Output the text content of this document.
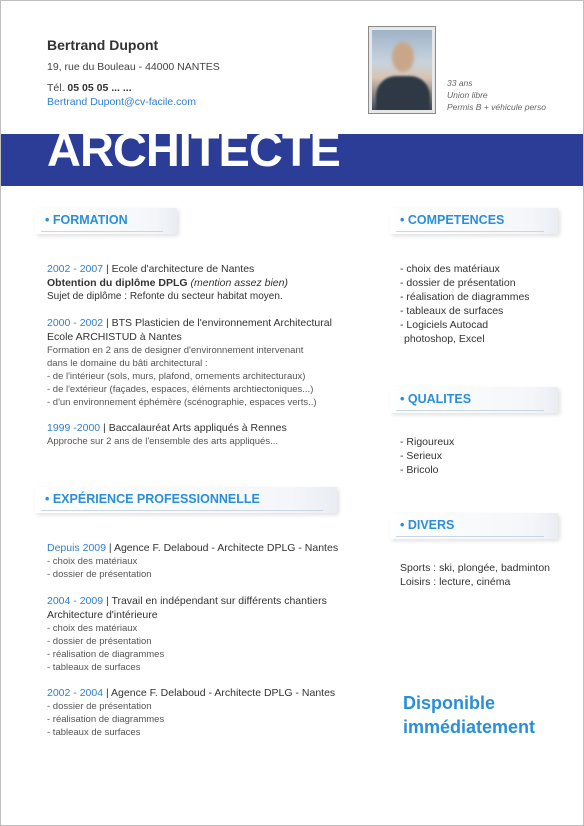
Bertrand Dupont
19, rue du Bouleau - 44000 NANTES
Tél. 05 05 05 ... ...
Bertrand Dupont@cv-facile.com
33 ans
Union libre
Permis B + véhicule perso
ARCHITECTE
• FORMATION
2002 - 2007 | Ecole d'architecture de Nantes
Obtention du diplôme DPLG (mention assez bien)
Sujet de diplôme : Refonte du secteur habitat moyen.
2000 - 2002 | BTS Plasticien de l'environnement Architectural
Ecole ARCHISTUD à Nantes
Formation en 2 ans de designer d'environnement intervenant
dans le domaine du bâti architectural :
- de l'intérieur (sols, murs, plafond, ornements architecturaux)
- de l'extérieur (façades, espaces, éléments archtiectoniques...)
- d'un environnement éphémère (scénographie, espaces verts..)
1999 -2000 | Baccalauréat Arts appliqués à Rennes
Approche sur 2 ans de l'ensemble des arts appliqués...
• EXPÉRIENCE PROFESSIONNELLE
Depuis 2009 | Agence F. Delaboud - Architecte DPLG - Nantes
- choix des matériaux
- dossier de présentation
2004 - 2009 | Travail en indépendant sur différents chantiers
Architecture d'intérieure
- choix des matériaux
- dossier de présentation
- réalisation de diagrammes
- tableaux de surfaces
2002 - 2004 | Agence F. Delaboud - Architecte DPLG - Nantes
- dossier de présentation
- réalisation de diagrammes
- tableaux de surfaces
• COMPETENCES
- choix des matériaux
- dossier de présentation
- réalisation de diagrammes
- tableaux de surfaces
- Logiciels Autocad
photoshop, Excel
• QUALITES
- Rigoureux
- Serieux
- Bricolo
• DIVERS
Sports : ski, plongée, badminton
Loisirs : lecture, cinéma
Disponible
immédiatement
